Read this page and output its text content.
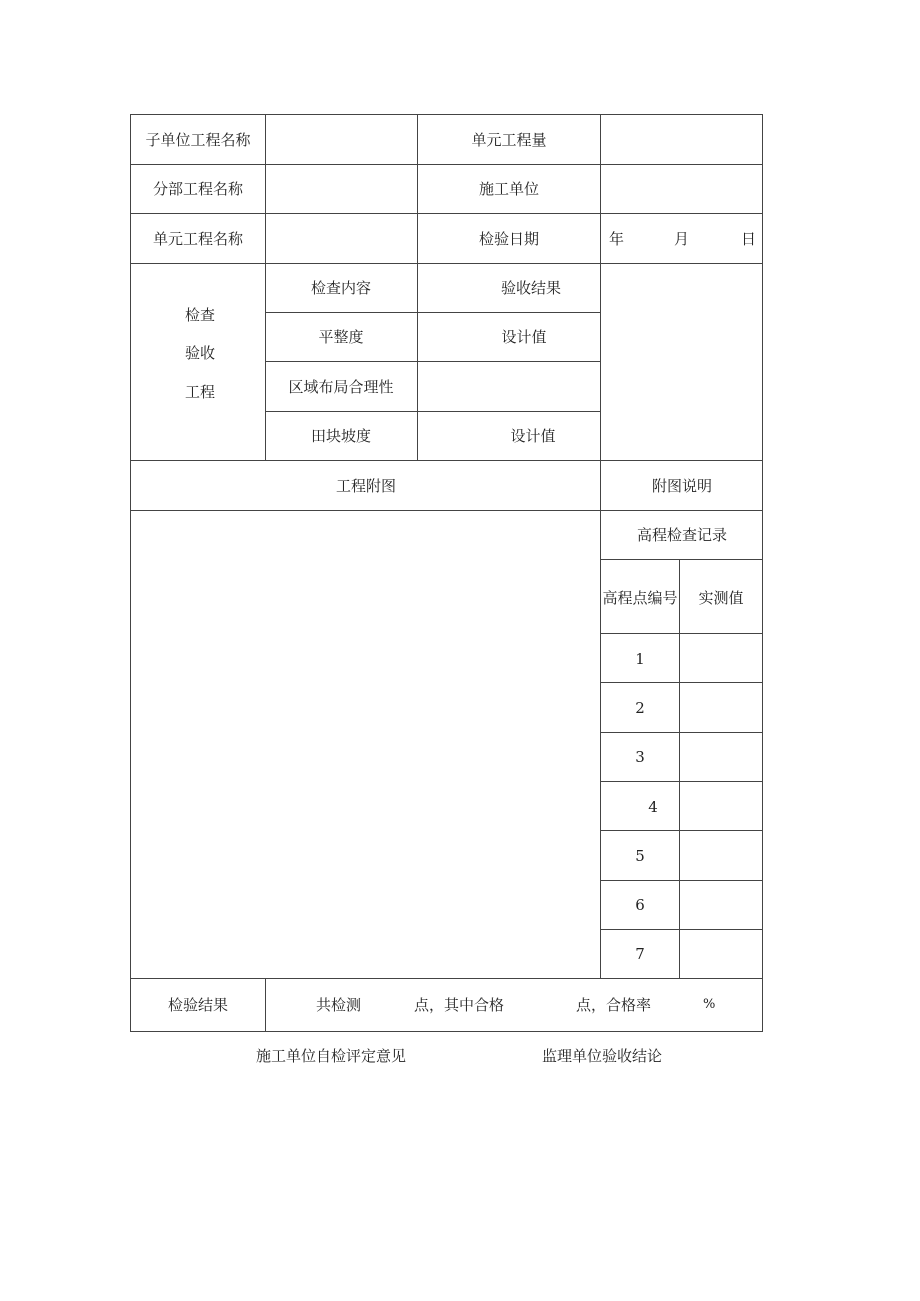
子单位工程名称	单元工程量
分部工程名称	施工单位
单元工程名称	检验日期	年	月	日
检查
验收
工程
检查内容	验收结果
平整度	设计值
区域布局合理性
田块坡度	设计值
工程附图	附图说明
高程检查记录
高程点编号 实测值
1
2
3
4
5
6
7
检验结果	共检测	点，其中合格	点，合格率	%
施工单位自检评定意见	监理单位验收结论
